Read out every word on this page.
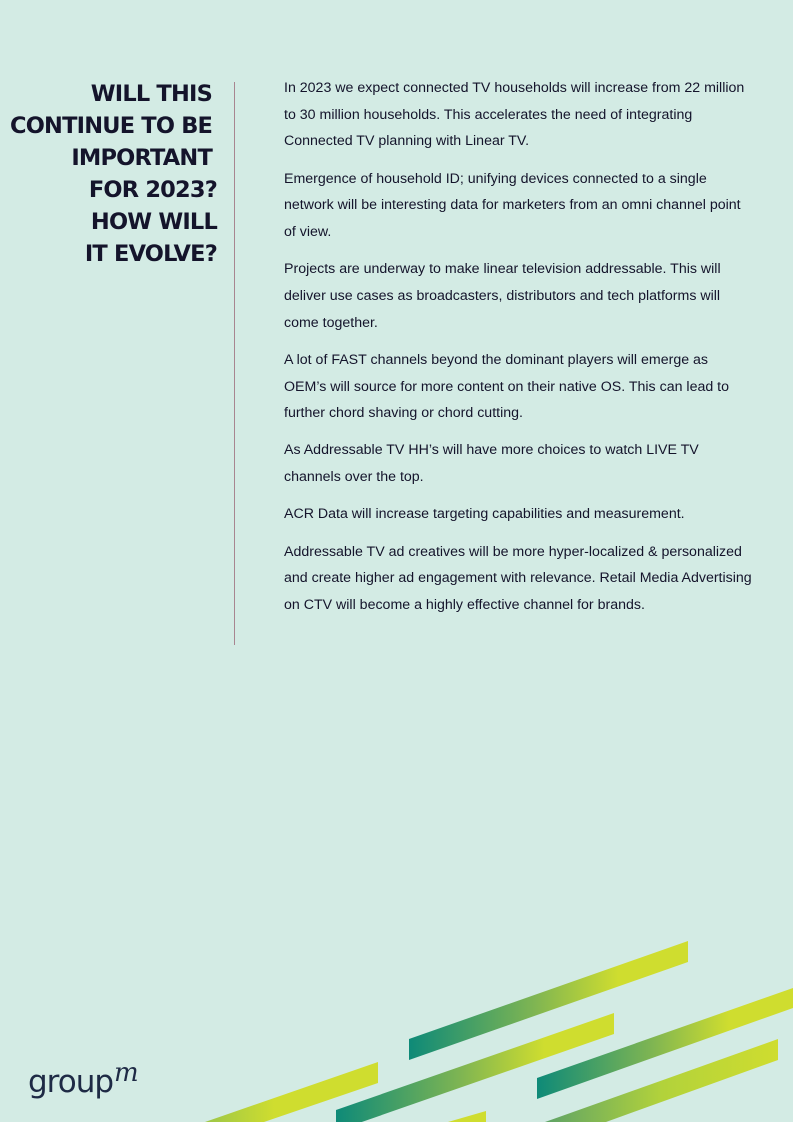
WILL THIS
CONTINUE TO BE
IMPORTANT
FOR 2023?
HOW WILL
IT EVOLVE?

In 2023 we expect connected TV households will increase from 22 million to 30 million households. This accelerates the need of integrating Connected TV planning with Linear TV.

Emergence of household ID; unifying devices connected to a single network will be interesting data for marketers from an omni channel point of view.

Projects are underway to make linear television addressable. This will deliver use cases as broadcasters, distributors and tech platforms will come together.

A lot of FAST channels beyond the dominant players will emerge as OEM’s will source for more content on their native OS. This can lead to further chord shaving or chord cutting.

As Addressable TV HH’s will have more choices to watch LIVE TV channels over the top.

ACR Data will increase targeting capabilities and measurement.

Addressable TV ad creatives will be more hyper-localized & personalized and create higher ad engagement with relevance. Retail Media Advertising on CTV will become a highly effective channel for brands.

group m
